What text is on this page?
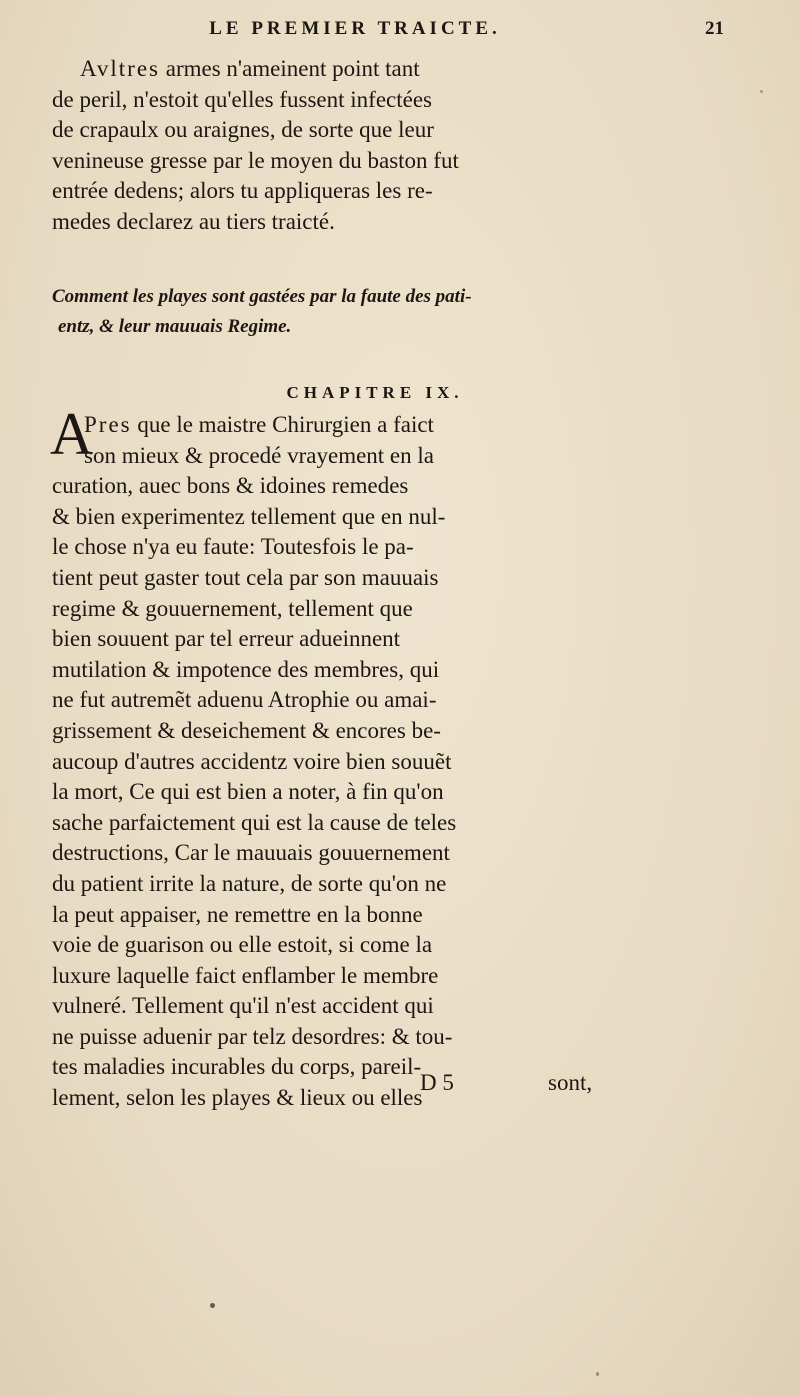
LE PREMIER TRAICTE.	21
Avltres armes n'ameinent point tant
de peril, n'estoit qu'elles fussent infectées
de crapaulx ou araignes, de sorte que leur
venineuse gresse par le moyen du baston fut
entrée dedens; alors tu appliqueras les re-
medes declarez au tiers traicté.
Comment les playes sont gastées par la faute des pati-
entz, & leur mauuais Regime.
CHAPITRE IX.
A
Pres que le maistre Chirurgien a faict
son mieux & procedé vrayement en la
curation, auec bons & idoines remedes
& bien experimentez tellement que en nul-
le chose n'ya eu faute: Toutesfois le pa-
tient peut gaster tout cela par son mauuais
regime & gouuernement, tellement que
bien souuent par tel erreur adueinnent
mutilation & impotence des membres, qui
ne fut autremẽt aduenu Atrophie ou amai-
grissement & deseichement & encores be-
aucoup d'autres accidentz voire bien souuẽt
la mort, Ce qui est bien a noter, à fin qu'on
sache parfaictement qui est la cause de teles
destructions, Car le mauuais gouuernement
du patient irrite la nature, de sorte qu'on ne
la peut appaiser, ne remettre en la bonne
voie de guarison ou elle estoit, si come la
luxure laquelle faict enflamber le membre
vulneré. Tellement qu'il n'est accident qui
ne puisse aduenir par telz desordres: & tou-
tes maladies incurables du corps, pareil-
lement, selon les playes & lieux ou elles
D 5	sont,
